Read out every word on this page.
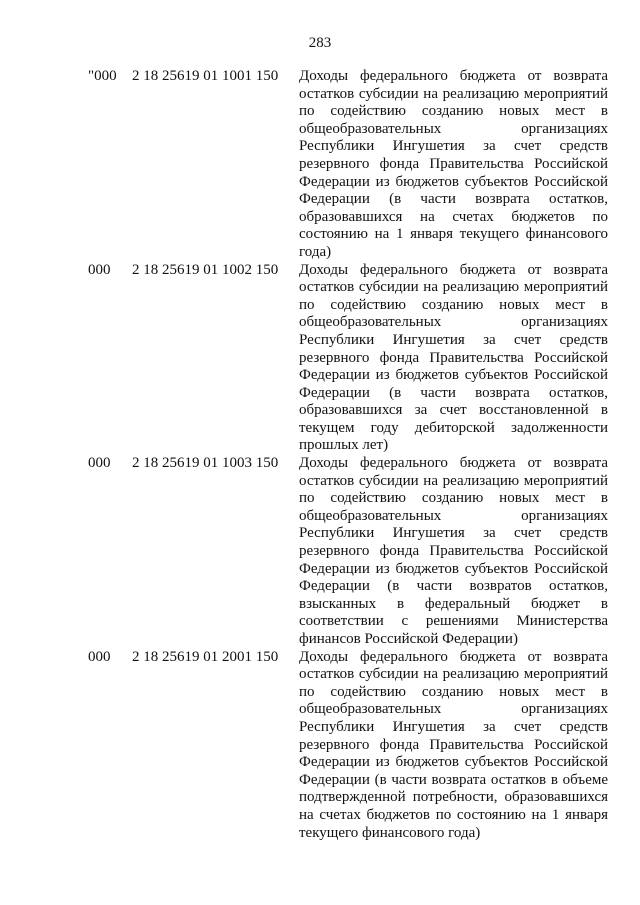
283
"000 2 18 25619 01 1001 150 Доходы федерального бюджета от возврата
остатков субсидии на реализацию мероприятий
по содействию созданию новых мест в
общеобразовательных организациях
Республики Ингушетия за счет средств
резервного фонда Правительства Российской
Федерации из бюджетов субъектов Российской
Федерации (в части возврата остатков,
образовавшихся на счетах бюджетов по
состоянию на 1 января текущего финансового
года)
000 2 18 25619 01 1002 150 Доходы федерального бюджета от возврата
остатков субсидии на реализацию мероприятий
по содействию созданию новых мест в
общеобразовательных организациях
Республики Ингушетия за счет средств
резервного фонда Правительства Российской
Федерации из бюджетов субъектов Российской
Федерации (в части возврата остатков,
образовавшихся за счет восстановленной в
текущем году дебиторской задолженности
прошлых лет)
000 2 18 25619 01 1003 150 Доходы федерального бюджета от возврата
остатков субсидии на реализацию мероприятий
по содействию созданию новых мест в
общеобразовательных организациях
Республики Ингушетия за счет средств
резервного фонда Правительства Российской
Федерации из бюджетов субъектов Российской
Федерации (в части возвратов остатков,
взысканных в федеральный бюджет в
соответствии с решениями Министерства
финансов Российской Федерации)
000 2 18 25619 01 2001 150 Доходы федерального бюджета от возврата
остатков субсидии на реализацию мероприятий
по содействию созданию новых мест в
общеобразовательных организациях
Республики Ингушетия за счет средств
резервного фонда Правительства Российской
Федерации из бюджетов субъектов Российской
Федерации (в части возврата остатков в объеме
подтвержденной потребности, образовавшихся
на счетах бюджетов по состоянию на 1 января
текущего финансового года)
